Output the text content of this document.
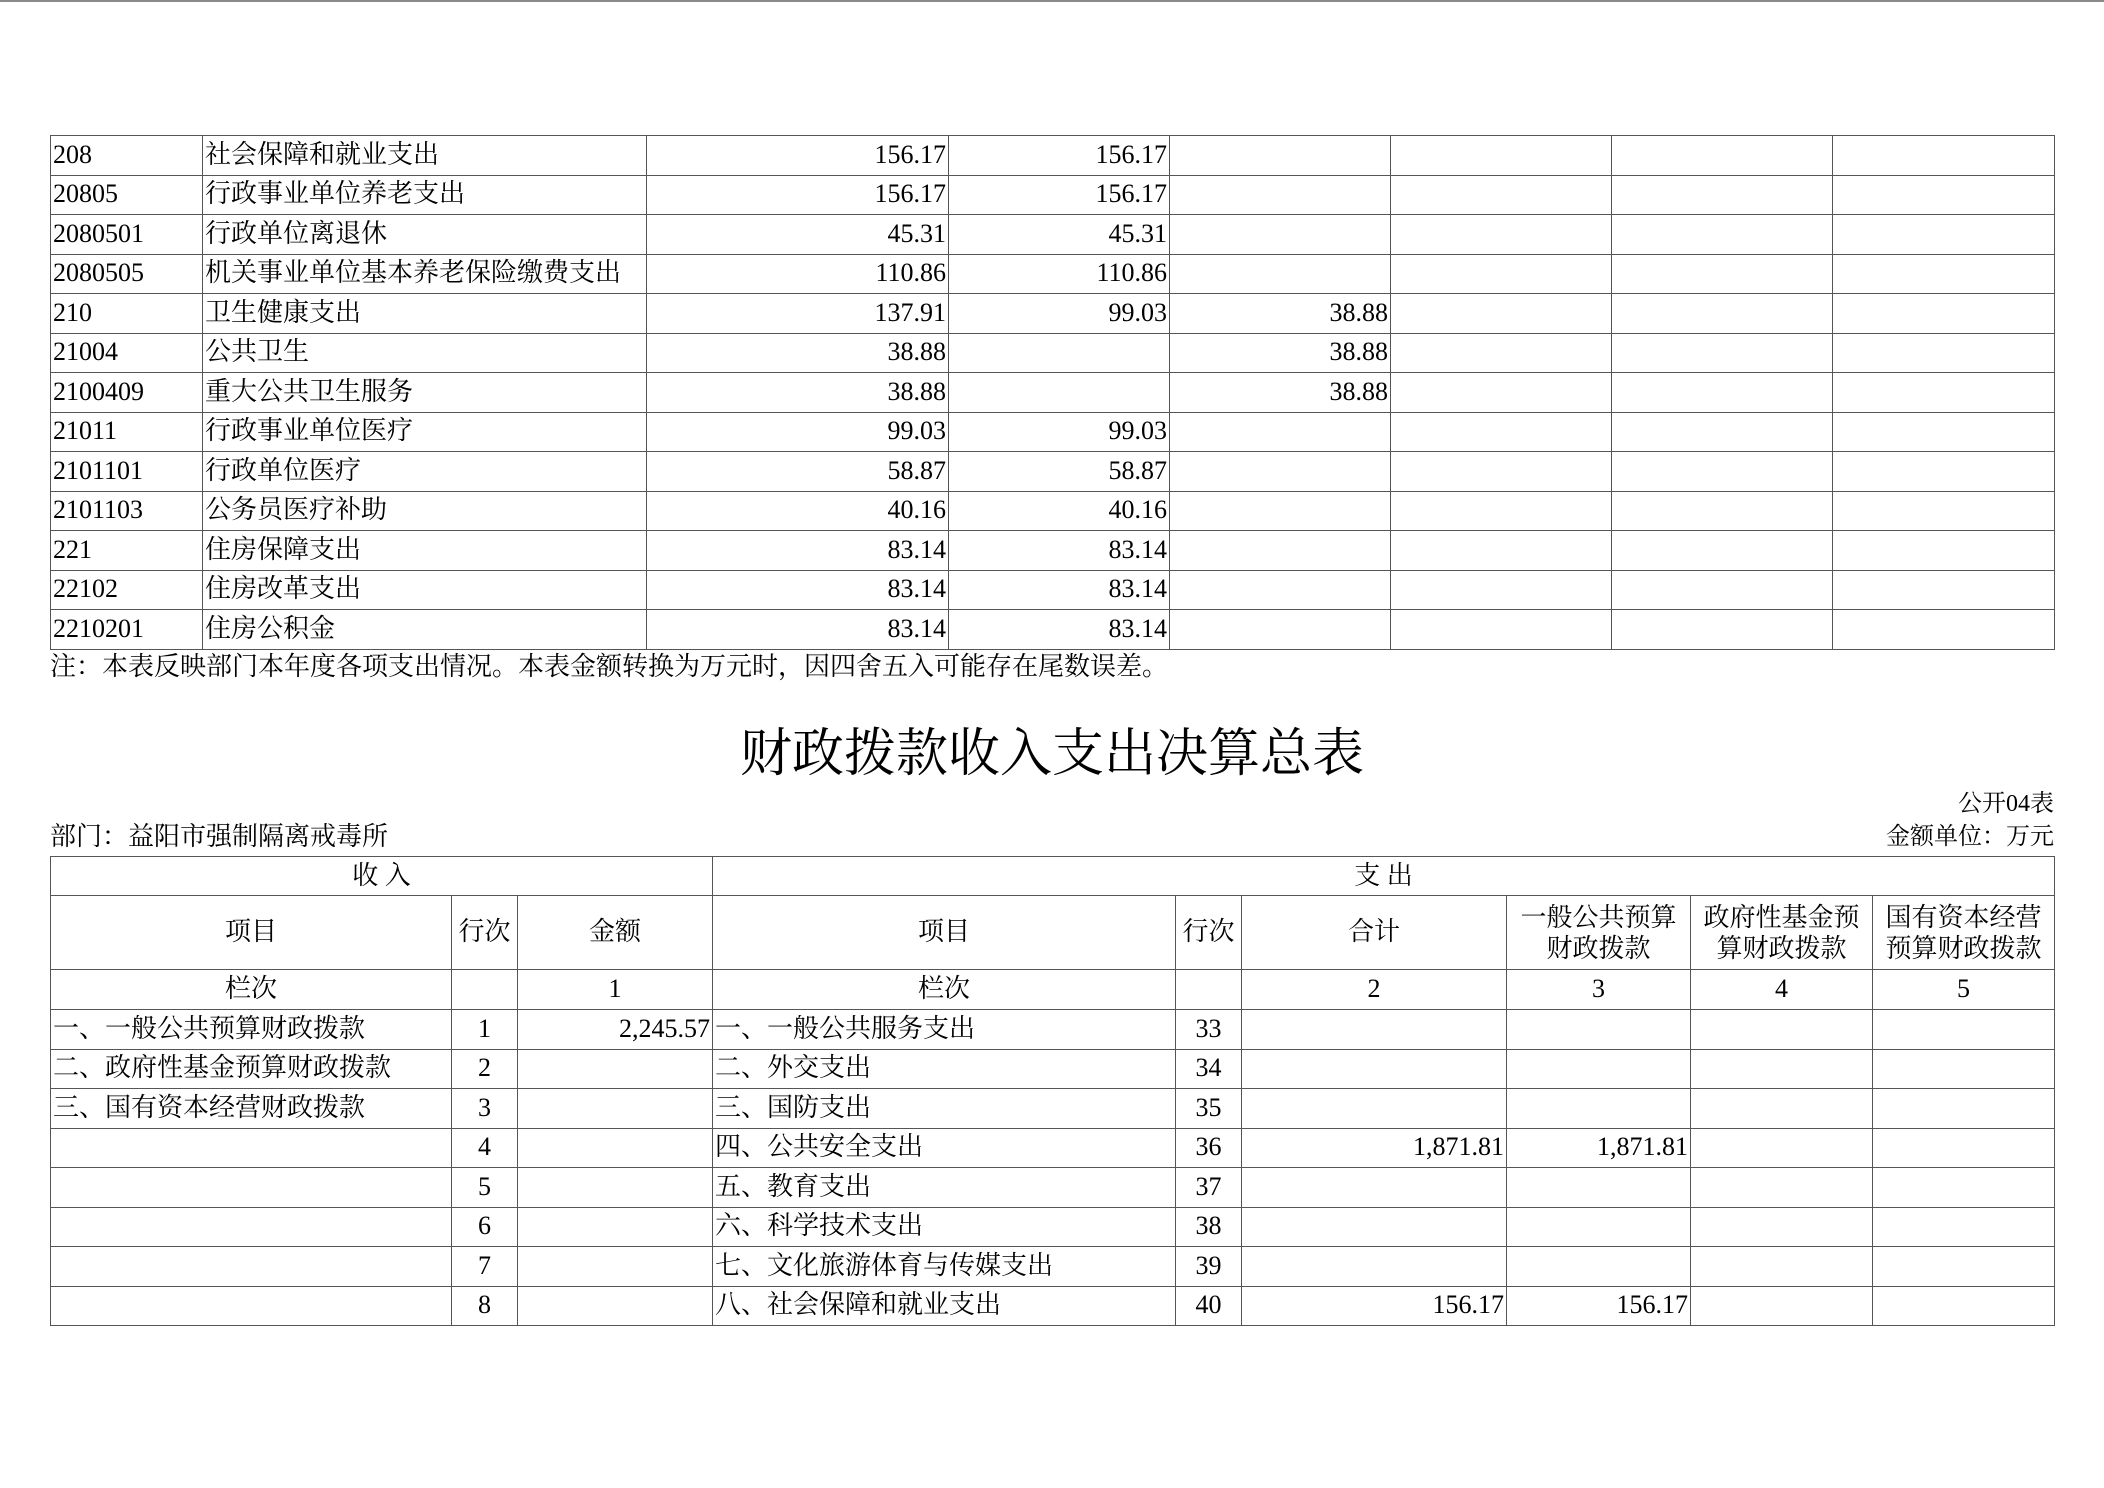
208	社会保障和就业支出	156.17	156.17				
20805	行政事业单位养老支出	156.17	156.17				
2080501	行政单位离退休	45.31	45.31				
2080505	机关事业单位基本养老保险缴费支出	110.86	110.86				
210	卫生健康支出	137.91	99.03	38.88			
21004	公共卫生	38.88		38.88			
2100409	重大公共卫生服务	38.88		38.88			
21011	行政事业单位医疗	99.03	99.03				
2101101	行政单位医疗	58.87	58.87				
2101103	公务员医疗补助	40.16	40.16				
221	住房保障支出	83.14	83.14				
22102	住房改革支出	83.14	83.14				
2210201	住房公积金	83.14	83.14				
注：本表反映部门本年度各项支出情况。本表金额转换为万元时，因四舍五入可能存在尾数误差。
财政拨款收入支出决算总表
公开04表
部门：益阳市强制隔离戒毒所	金额单位：万元
收 入			支 出					
项目	行次	金额	项目	行次	合计	一般公共预算财政拨款	政府性基金预算财政拨款	国有资本经营预算财政拨款
栏次		1	栏次		2	3	4	5
一、一般公共预算财政拨款	1	2,245.57	一、一般公共服务支出	33				
二、政府性基金预算财政拨款	2		二、外交支出	34				
三、国有资本经营财政拨款	3		三、国防支出	35				
	4		四、公共安全支出	36	1,871.81	1,871.81		
	5		五、教育支出	37				
	6		六、科学技术支出	38				
	7		七、文化旅游体育与传媒支出	39				
	8		八、社会保障和就业支出	40	156.17	156.17		
